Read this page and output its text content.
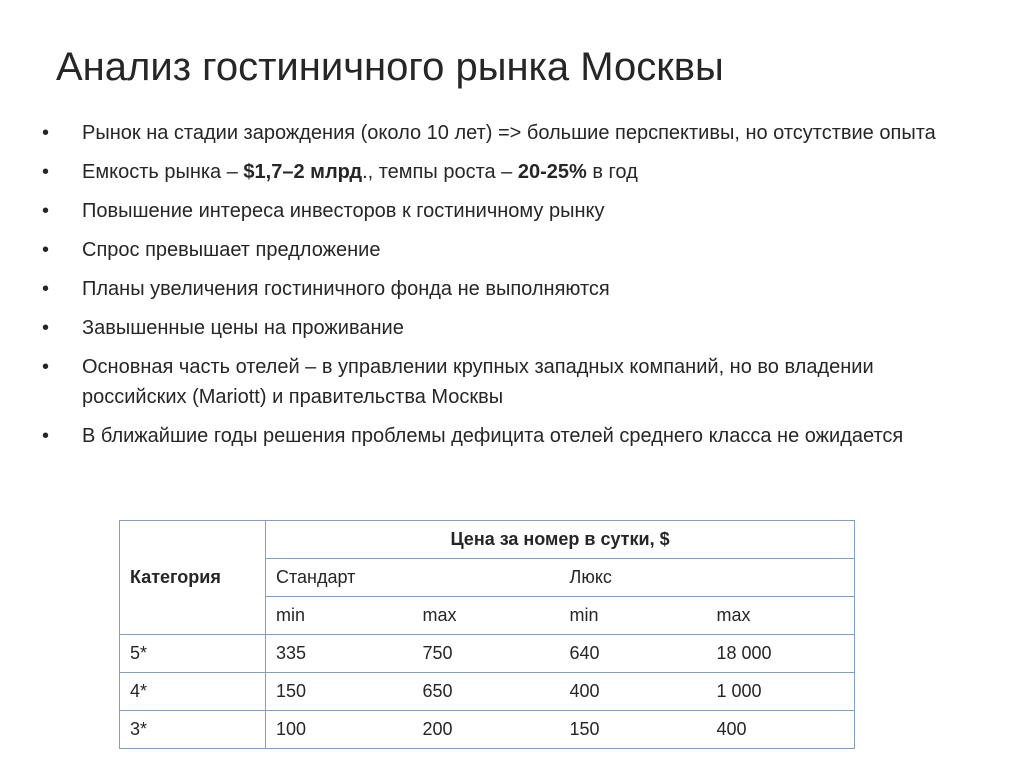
Анализ гостиничного рынка Москвы
•	Рынок на стадии зарождения (около 10 лет) => большие перспективы, но отсутствие опыта
•	Емкость рынка – $1,7–2 млрд., темпы роста – 20-25% в год
•	Повышение интереса инвесторов к гостиничному рынку
•	Спрос превышает предложение
•	Планы увеличения гостиничного фонда не выполняются
•	Завышенные цены на проживание
•	Основная часть отелей – в управлении крупных западных компаний, но во владении российских (Mariott) и правительства Москвы
•	В ближайшие годы решения проблемы дефицита отелей среднего класса не ожидается
Категория	Цена за номер в сутки, $			
	Стандарт		Люкс	
	min	max	min	max
5*	335	750	640	18 000
4*	150	650	400	1 000
3*	100	200	150	400
